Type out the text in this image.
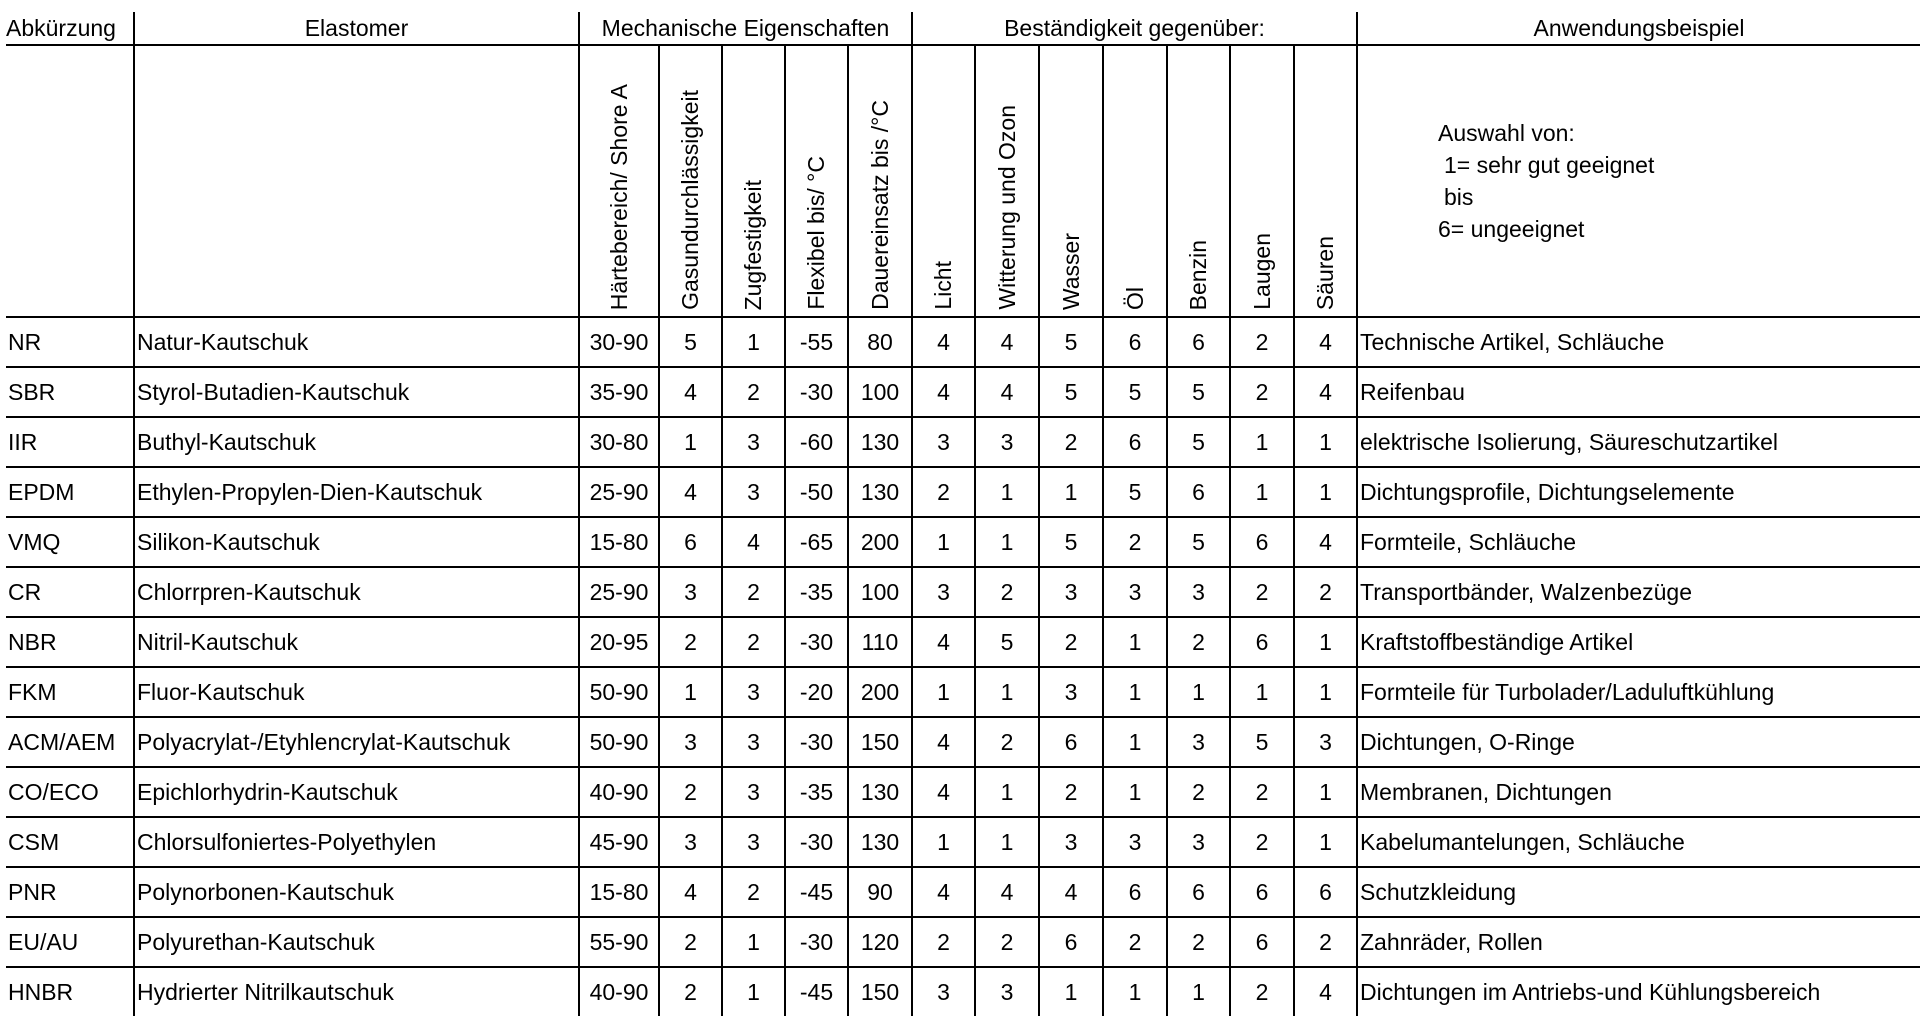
Abkürzung	Elastomer	Mechanische Eigenschaften					Beständigkeit gegenüber:							Anwendungsbeispiel
		Härtebereich/ Shore A	Gasundurchlässigkeit	Zugfestigkeit	Flexibel bis/ °C	Dauereinsatz bis /°C	Licht	Witterung und Ozon	Wasser	Öl	Benzin	Laugen	Säuren	Auswahl von:
1= sehr gut geeignet
bis
6= ungeeignet

NR	Natur-Kautschuk	30-90	5	1	-55	80	4	4	5	6	6	2	4	Technische Artikel, Schläuche
SBR	Styrol-Butadien-Kautschuk	35-90	4	2	-30	100	4	4	5	5	5	2	4	Reifenbau
IIR	Buthyl-Kautschuk	30-80	1	3	-60	130	3	3	2	6	5	1	1	elektrische Isolierung, Säureschutzartikel
EPDM	Ethylen-Propylen-Dien-Kautschuk	25-90	4	3	-50	130	2	1	1	5	6	1	1	Dichtungsprofile, Dichtungselemente
VMQ	Silikon-Kautschuk	15-80	6	4	-65	200	1	1	5	2	5	6	4	Formteile, Schläuche
CR	Chlorrpren-Kautschuk	25-90	3	2	-35	100	3	2	3	3	3	2	2	Transportbänder, Walzenbezüge
NBR	Nitril-Kautschuk	20-95	2	2	-30	110	4	5	2	1	2	6	1	Kraftstoffbeständige Artikel
FKM	Fluor-Kautschuk	50-90	1	3	-20	200	1	1	3	1	1	1	1	Formteile für Turbolader/Laduluftkühlung
ACM/AEM	Polyacrylat-/Etyhlencrylat-Kautschuk	50-90	3	3	-30	150	4	2	6	1	3	5	3	Dichtungen, O-Ringe
CO/ECO	Epichlorhydrin-Kautschuk	40-90	2	3	-35	130	4	1	2	1	2	2	1	Membranen, Dichtungen
CSM	Chlorsulfoniertes-Polyethylen	45-90	3	3	-30	130	1	1	3	3	3	2	1	Kabelumantelungen, Schläuche
PNR	Polynorbonen-Kautschuk	15-80	4	2	-45	90	4	4	4	6	6	6	6	Schutzkleidung
EU/AU	Polyurethan-Kautschuk	55-90	2	1	-30	120	2	2	6	2	2	6	2	Zahnräder, Rollen
HNBR	Hydrierter Nitrilkautschuk	40-90	2	1	-45	150	3	3	1	1	1	2	4	Dichtungen im Antriebs-und Kühlungsbereich
